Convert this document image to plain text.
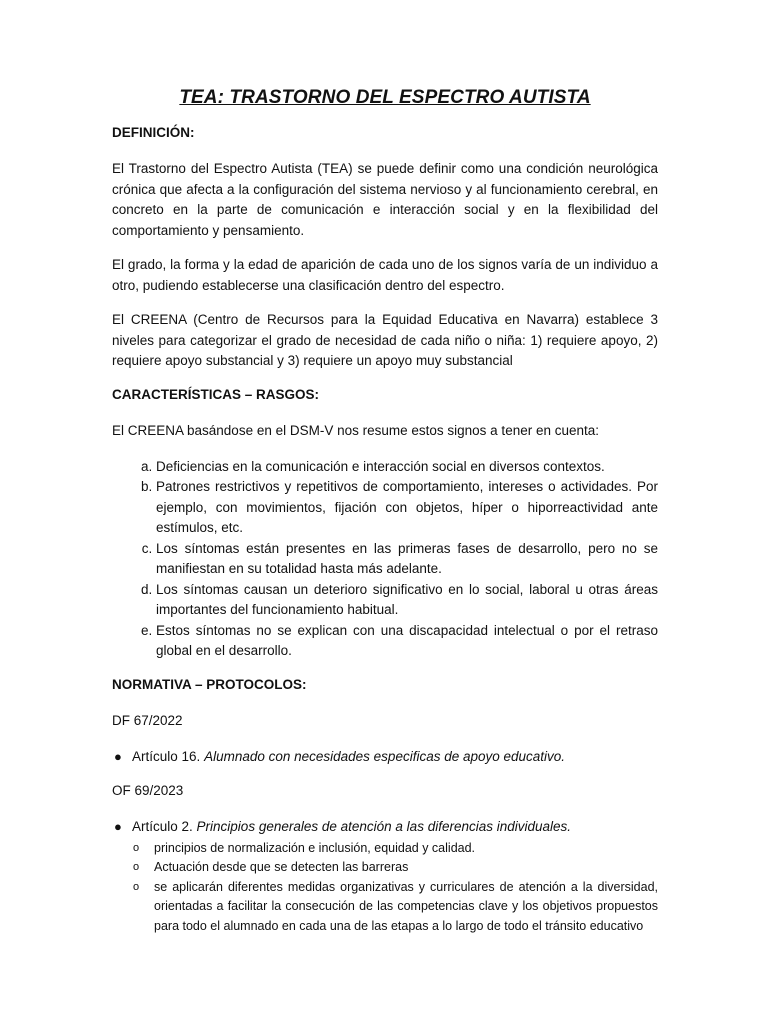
TEA: TRASTORNO DEL ESPECTRO AUTISTA
DEFINICIÓN:

El Trastorno del Espectro Autista (TEA) se puede definir como una condición neurológica crónica que afecta a la configuración del sistema nervioso y al funcionamiento cerebral, en concreto en la parte de comunicación e interacción social y en la flexibilidad del comportamiento y pensamiento.

El grado, la forma y la edad de aparición de cada uno de los signos varía de un individuo a otro, pudiendo establecerse una clasificación dentro del espectro.

El CREENA (Centro de Recursos para la Equidad Educativa en Navarra) establece 3 niveles para categorizar el grado de necesidad de cada niño o niña: 1) requiere apoyo, 2) requiere apoyo substancial y 3) requiere un apoyo muy substancial

CARACTERÍSTICAS – RASGOS:

El CREENA basándose en el DSM-V nos resume estos signos a tener en cuenta:

a. Deficiencias en la comunicación e interacción social en diversos contextos.
b. Patrones restrictivos y repetitivos de comportamiento, intereses o actividades. Por ejemplo, con movimientos, fijación con objetos, híper o hiporreactividad ante estímulos, etc.
c. Los síntomas están presentes en las primeras fases de desarrollo, pero no se manifiestan en su totalidad hasta más adelante.
d. Los síntomas causan un deterioro significativo en lo social, laboral u otras áreas importantes del funcionamiento habitual.
e. Estos síntomas no se explican con una discapacidad intelectual o por el retraso global en el desarrollo.
NORMATIVA – PROTOCOLOS:

DF 67/2022

● Artículo 16. Alumnado con necesidades especificas de apoyo educativo.

OF 69/2023

● Artículo 2. Principios generales de atención a las diferencias individuales.
o principios de normalización e inclusión, equidad y calidad.
o Actuación desde que se detecten las barreras
o se aplicarán diferentes medidas organizativas y curriculares de atención a la diversidad, orientadas a facilitar la consecución de las competencias clave y los objetivos propuestos para todo el alumnado en cada una de las etapas a lo largo de todo el tránsito educativo
